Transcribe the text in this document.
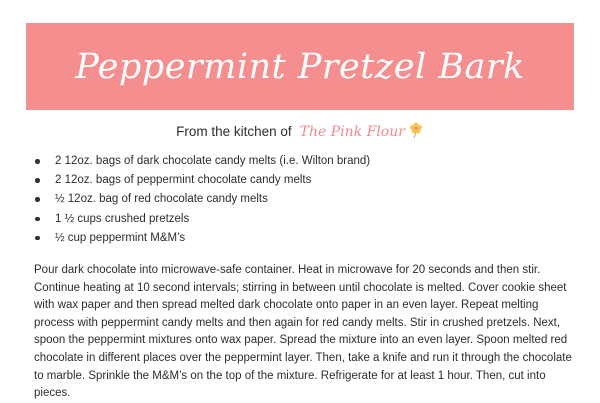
Peppermint Pretzel Bark
From the kitchen of The Pink Flour
2 12oz. bags of dark chocolate candy melts (i.e. Wilton brand)
2 12oz. bags of peppermint chocolate candy melts
½ 12oz. bag of red chocolate candy melts
1 ½ cups crushed pretzels
½ cup peppermint M&M’s

Pour dark chocolate into microwave-safe container. Heat in microwave for 20 seconds and then stir. Continue heating at 10 second intervals; stirring in between until chocolate is melted. Cover cookie sheet with wax paper and then spread melted dark chocolate onto paper in an even layer. Repeat melting process with peppermint candy melts and then again for red candy melts. Stir in crushed pretzels. Next, spoon the peppermint mixtures onto wax paper. Spread the mixture into an even layer. Spoon melted red chocolate in different places over the peppermint layer. Then, take a knife and run it through the chocolate to marble. Sprinkle the M&M’s on the top of the mixture. Refrigerate for at least 1 hour. Then, cut into pieces.
